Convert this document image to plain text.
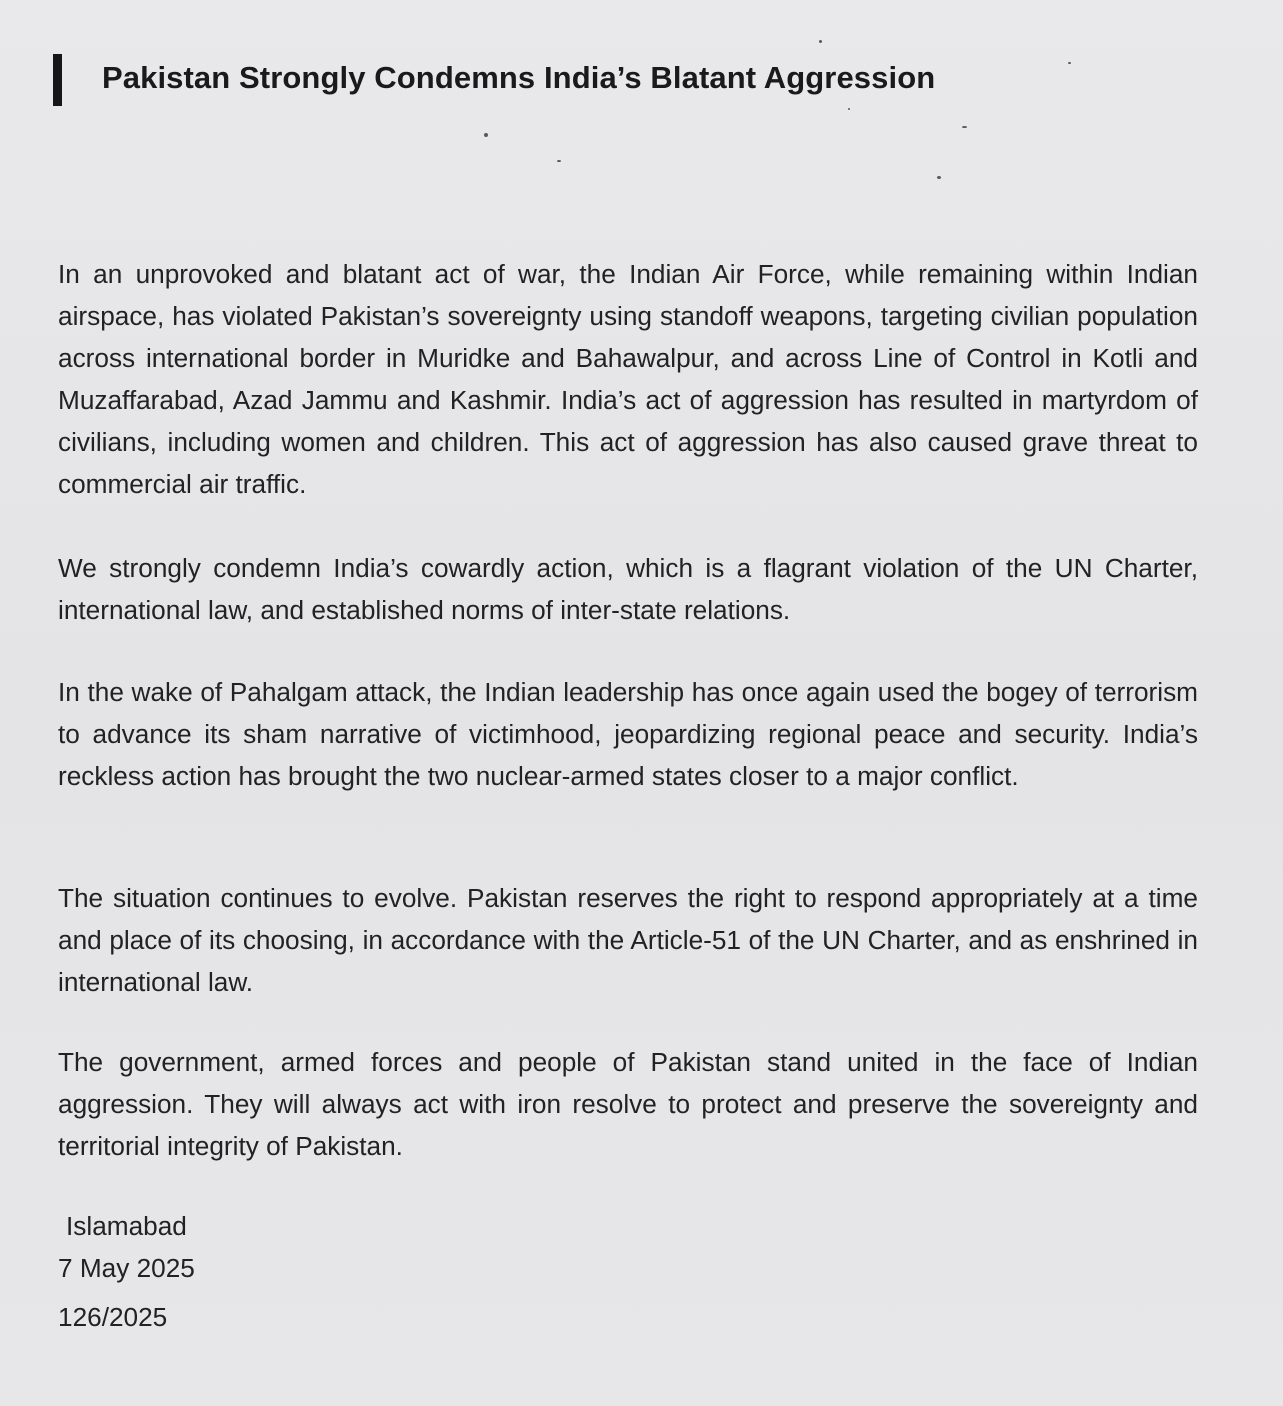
Pakistan Strongly Condemns India’s Blatant Aggression

In an unprovoked and blatant act of war, the Indian Air Force, while remaining within Indian airspace, has violated Pakistan’s sovereignty using standoff weapons, targeting civilian population across international border in Muridke and Bahawalpur, and across Line of Control in Kotli and Muzaffarabad, Azad Jammu and Kashmir. India’s act of aggression has resulted in martyrdom of civilians, including women and children. This act of aggression has also caused grave threat to commercial air traffic.

We strongly condemn India’s cowardly action, which is a flagrant violation of the UN Charter, international law, and established norms of inter-state relations.

In the wake of Pahalgam attack, the Indian leadership has once again used the bogey of terrorism to advance its sham narrative of victimhood, jeopardizing regional peace and security. India’s reckless action has brought the two nuclear-armed states closer to a major conflict.

The situation continues to evolve. Pakistan reserves the right to respond appropriately at a time and place of its choosing, in accordance with the Article-51 of the UN Charter, and as enshrined in international law.

The government, armed forces and people of Pakistan stand united in the face of Indian aggression. They will always act with iron resolve to protect and preserve the sovereignty and territorial integrity of Pakistan.

Islamabad

7 May 2025

126/2025
